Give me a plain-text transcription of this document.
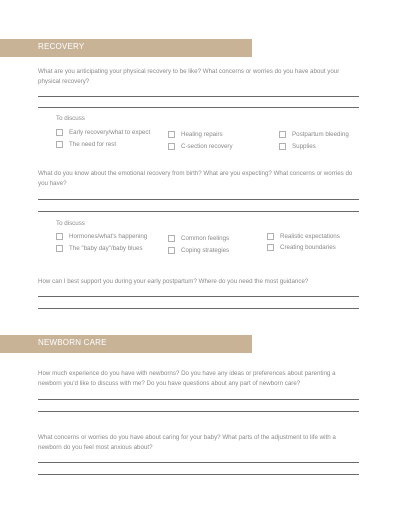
RECOVERY
What are you anticipating your physical recovery to be like? What concerns or worries do you have about your physical recovery?
To discuss
Early recovery/what to expect
The need for rest
Healing repairs
C-section recovery
Postpartum bleeding
Supplies
What do you know about the emotional recovery from birth? What are you expecting? What concerns or worries do you have?
To discuss
Hormones/what's happening
The "baby day"/baby blues
Common feelings
Coping strategies
Realistic expectations
Creating boundaries
How can I best support you during your early postpartum? Where do you need the most guidance?
NEWBORN CARE
How much experience do you have with newborns? Do you have any ideas or preferences about parenting a newborn you'd like to discuss with me? Do you have questions about any part of newborn care?
What concerns or worries do you have about caring for your baby? What parts of the adjustment to life with a newborn do you feel most anxious about?
